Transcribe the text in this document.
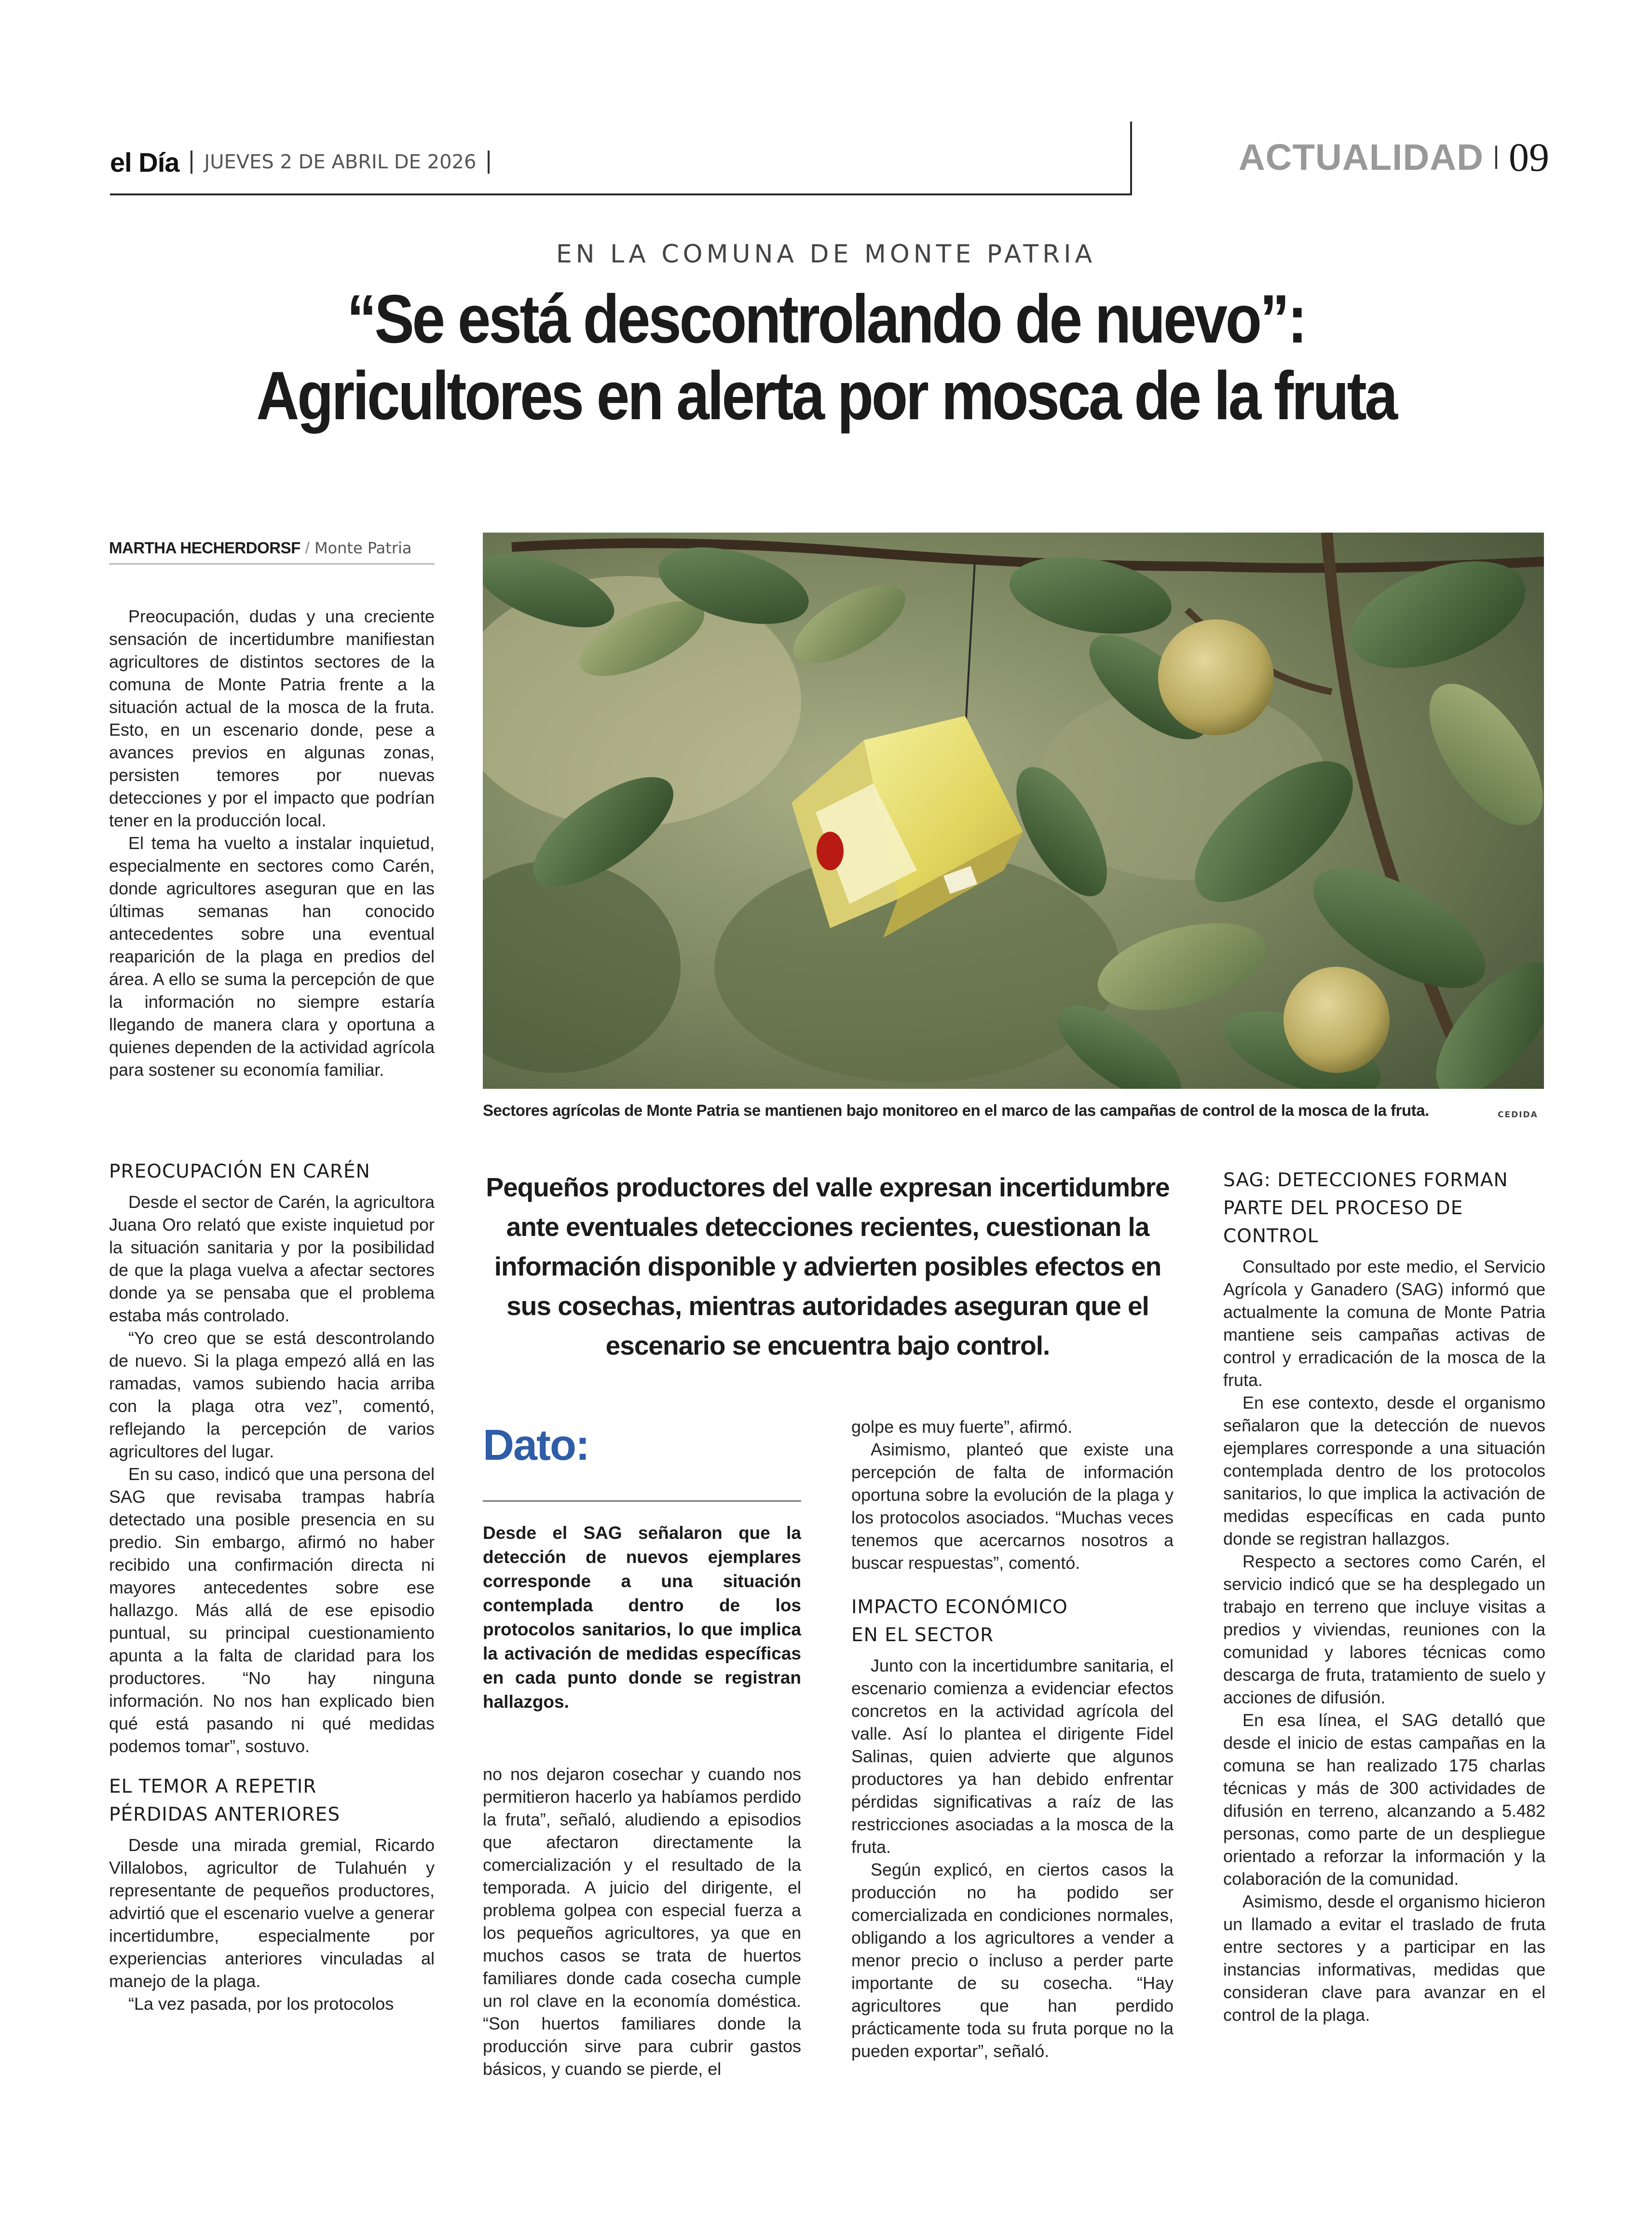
el Día JUEVES 2 DE ABRIL DE 2026	ACTUALIDAD 09
EN LA COMUNA DE MONTE PATRIA
“Se está descontrolando de nuevo”:
Agricultores en alerta por mosca de la fruta
MARTHA HECHERDORSF / Monte Patria

Preocupación, dudas y una creciente sensación de incertidumbre manifiestan agricultores de distintos sectores de la comuna de Monte Patria frente a la situación actual de la mosca de la fruta. Esto, en un escenario donde, pese a avances previos en algunas zonas, persisten temores por nuevas detecciones y por el impacto que podrían tener en la producción local.

El tema ha vuelto a instalar inquietud, especialmente en sectores como Carén, donde agricultores aseguran que en las últimas semanas han conocido antecedentes sobre una eventual reaparición de la plaga en predios del área. A ello se suma la percepción de que la información no siempre estaría llegando de manera clara y oportuna a quienes dependen de la actividad agrícola para sostener su economía familiar.

PREOCUPACIÓN EN CARÉN

Desde el sector de Carén, la agricultora Juana Oro relató que existe inquietud por la situación sanitaria y por la posibilidad de que la plaga vuelva a afectar sectores donde ya se pensaba que el problema estaba más controlado.

“Yo creo que se está descontrolando de nuevo. Si la plaga empezó allá en las ramadas, vamos subiendo hacia arriba con la plaga otra vez”, comentó, reflejando la percepción de varios agricultores del lugar.

En su caso, indicó que una persona del SAG que revisaba trampas habría detectado una posible presencia en su predio. Sin embargo, afirmó no haber recibido una confirmación directa ni mayores antecedentes sobre ese hallazgo. Más allá de ese episodio puntual, su principal cuestionamiento apunta a la falta de claridad para los productores. “No hay ninguna información. No nos han explicado bien qué está pasando ni qué medidas podemos tomar”, sostuvo.

EL TEMOR A REPETIR
PÉRDIDAS ANTERIORES

Desde una mirada gremial, Ricardo Villalobos, agricultor de Tulahuén y representante de pequeños productores, advirtió que el escenario vuelve a generar incertidumbre, especialmente por experiencias anteriores vinculadas al manejo de la plaga.

“La vez pasada, por los protocolos

Sectores agrícolas de Monte Patria se mantienen bajo monitoreo en el marco de las campañas de control de la mosca de la fruta.	CEDIDA
Pequeños productores del valle expresan incertidumbre ante eventuales detecciones recientes, cuestionan la información disponible y advierten posibles efectos en sus cosechas, mientras autoridades aseguran que el escenario se encuentra bajo control.
Dato:
Desde el SAG señalaron que la detección de nuevos ejemplares corresponde a una situación contemplada dentro de los protocolos sanitarios, lo que implica la activación de medidas específicas en cada punto donde se registran hallazgos.

no nos dejaron cosechar y cuando nos permitieron hacerlo ya habíamos perdido la fruta”, señaló, aludiendo a episodios que afectaron directamente la comercialización y el resultado de la temporada. A juicio del dirigente, el problema golpea con especial fuerza a los pequeños agricultores, ya que en muchos casos se trata de huertos familiares donde cada cosecha cumple un rol clave en la economía doméstica. “Son huertos familiares donde la producción sirve para cubrir gastos básicos, y cuando se pierde, el

golpe es muy fuerte”, afirmó.

Asimismo, planteó que existe una percepción de falta de información oportuna sobre la evolución de la plaga y los protocolos asociados. “Muchas veces tenemos que acercarnos nosotros a buscar respuestas”, comentó.

IMPACTO ECONÓMICO
EN EL SECTOR

Junto con la incertidumbre sanitaria, el escenario comienza a evidenciar efectos concretos en la actividad agrícola del valle. Así lo plantea el dirigente Fidel Salinas, quien advierte que algunos productores ya han debido enfrentar pérdidas significativas a raíz de las restricciones asociadas a la mosca de la fruta.

Según explicó, en ciertos casos la producción no ha podido ser comercializada en condiciones normales, obligando a los agricultores a vender a menor precio o incluso a perder parte importante de su cosecha. “Hay agricultores que han perdido prácticamente toda su fruta porque no la pueden exportar”, señaló.

SAG: DETECCIONES FORMAN
PARTE DEL PROCESO DE CONTROL

Consultado por este medio, el Servicio Agrícola y Ganadero (SAG) informó que actualmente la comuna de Monte Patria mantiene seis campañas activas de control y erradicación de la mosca de la fruta.

En ese contexto, desde el organismo señalaron que la detección de nuevos ejemplares corresponde a una situación contemplada dentro de los protocolos sanitarios, lo que implica la activación de medidas específicas en cada punto donde se registran hallazgos.

Respecto a sectores como Carén, el servicio indicó que se ha desplegado un trabajo en terreno que incluye visitas a predios y viviendas, reuniones con la comunidad y labores técnicas como descarga de fruta, tratamiento de suelo y acciones de difusión.

En esa línea, el SAG detalló que desde el inicio de estas campañas en la comuna se han realizado 175 charlas técnicas y más de 300 actividades de difusión en terreno, alcanzando a 5.482 personas, como parte de un despliegue orientado a reforzar la información y la colaboración de la comunidad.

Asimismo, desde el organismo hicieron un llamado a evitar el traslado de fruta entre sectores y a participar en las instancias informativas, medidas que consideran clave para avanzar en el control de la plaga.
